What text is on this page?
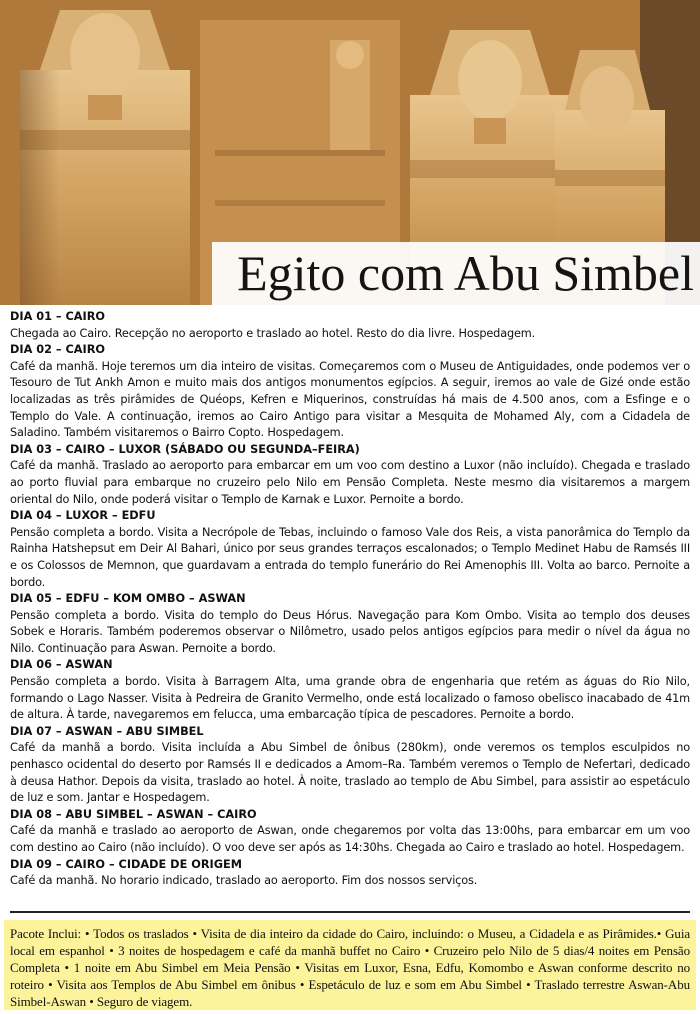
Egito com Abu Simbel
DIA 01 – CAIRO
Chegada ao Cairo. Recepção no aeroporto e traslado ao hotel. Resto do dia livre. Hospedagem.
DIA 02 – CAIRO
Café da manhã. Hoje teremos um dia inteiro de visitas. Começaremos com o Museu de Antiguidades, onde podemos ver o Tesouro de Tut Ankh Amon e muito mais dos antigos monumentos egípcios. A seguir, iremos ao vale de Gizé onde estão localizadas as três pirâmides de Quéops, Kefren e Miquerinos, construídas há mais de 4.500 anos, com a Esfinge e o Templo do Vale. A continuação, iremos ao Cairo Antigo para visitar a Mesquita de Mohamed Aly, com a Cidadela de Saladino. Também visitaremos o Bairro Copto. Hospedagem.
DIA 03 – CAIRO – LUXOR (SÁBADO OU SEGUNDA–FEIRA)
Café da manhã. Traslado ao aeroporto para embarcar em um voo com destino a Luxor (não incluído). Chegada e traslado ao porto fluvial para embarque no cruzeiro pelo Nilo em Pensão Completa. Neste mesmo dia visitaremos a margem oriental do Nilo, onde poderá visitar o Templo de Karnak e Luxor. Pernoite a bordo.
DIA 04 – LUXOR – EDFU
Pensão completa a bordo. Visita a Necrópole de Tebas, incluindo o famoso Vale dos Reis, a vista panorâmica do Templo da Rainha Hatshepsut em Deir Al Bahari, único por seus grandes terraços escalonados; o Templo Medinet Habu de Ramsés III e os Colossos de Memnon, que guardavam a entrada do templo funerário do Rei Amenophis III. Volta ao barco. Pernoite a bordo.
DIA 05 – EDFU – KOM OMBO – ASWAN
Pensão completa a bordo. Visita do templo do Deus Hórus. Navegação para Kom Ombo. Visita ao templo dos deuses Sobek e Horaris. Também poderemos observar o Nilômetro, usado pelos antigos egípcios para medir o nível da água no Nilo. Continuação para Aswan. Pernoite a bordo.
DIA 06 – ASWAN
Pensão completa a bordo. Visita à Barragem Alta, uma grande obra de engenharia que retém as águas do Rio Nilo, formando o Lago Nasser. Visita à Pedreira de Granito Vermelho, onde está localizado o famoso obelisco inacabado de 41m de altura. À tarde, navegaremos em felucca, uma embarcação típica de pescadores. Pernoite a bordo.
DIA 07 – ASWAN – ABU SIMBEL
Café da manhã a bordo. Visita incluída a Abu Simbel de ônibus (280km), onde veremos os templos esculpidos no penhasco ocidental do deserto por Ramsés II e dedicados a Amom–Ra. Também veremos o Templo de Nefertari, dedicado à deusa Hathor. Depois da visita, traslado ao hotel. À noite, traslado ao templo de Abu Simbel, para assistir ao espetáculo de luz e som. Jantar e Hospedagem.
DIA 08 – ABU SIMBEL – ASWAN – CAIRO
Café da manhã e traslado ao aeroporto de Aswan, onde chegaremos por volta das 13:00hs, para embarcar em um voo com destino ao Cairo (não incluído). O voo deve ser após as 14:30hs. Chegada ao Cairo e traslado ao hotel. Hospedagem.
DIA 09 – CAIRO – CIDADE DE ORIGEM
Café da manhã. No horario indicado, traslado ao aeroporto. Fim dos nossos serviços.
Pacote Inclui: • Todos os traslados • Visita de dia inteiro da cidade do Cairo, incluindo: o Museu, a Cidadela e as Pirâmides.• Guia local em espanhol • 3 noites de hospedagem e café da manhã buffet no Cairo • Cruzeiro pelo Nilo de 5 dias/4 noites em Pensão Completa • 1 noite em Abu Simbel em Meia Pensão • Visitas em Luxor, Esna, Edfu, Komombo e Aswan conforme descrito no roteiro • Visita aos Templos de Abu Simbel em ônibus • Espetáculo de luz e som em Abu Simbel • Traslado terrestre Aswan-Abu Simbel-Aswan • Seguro de viagem.
